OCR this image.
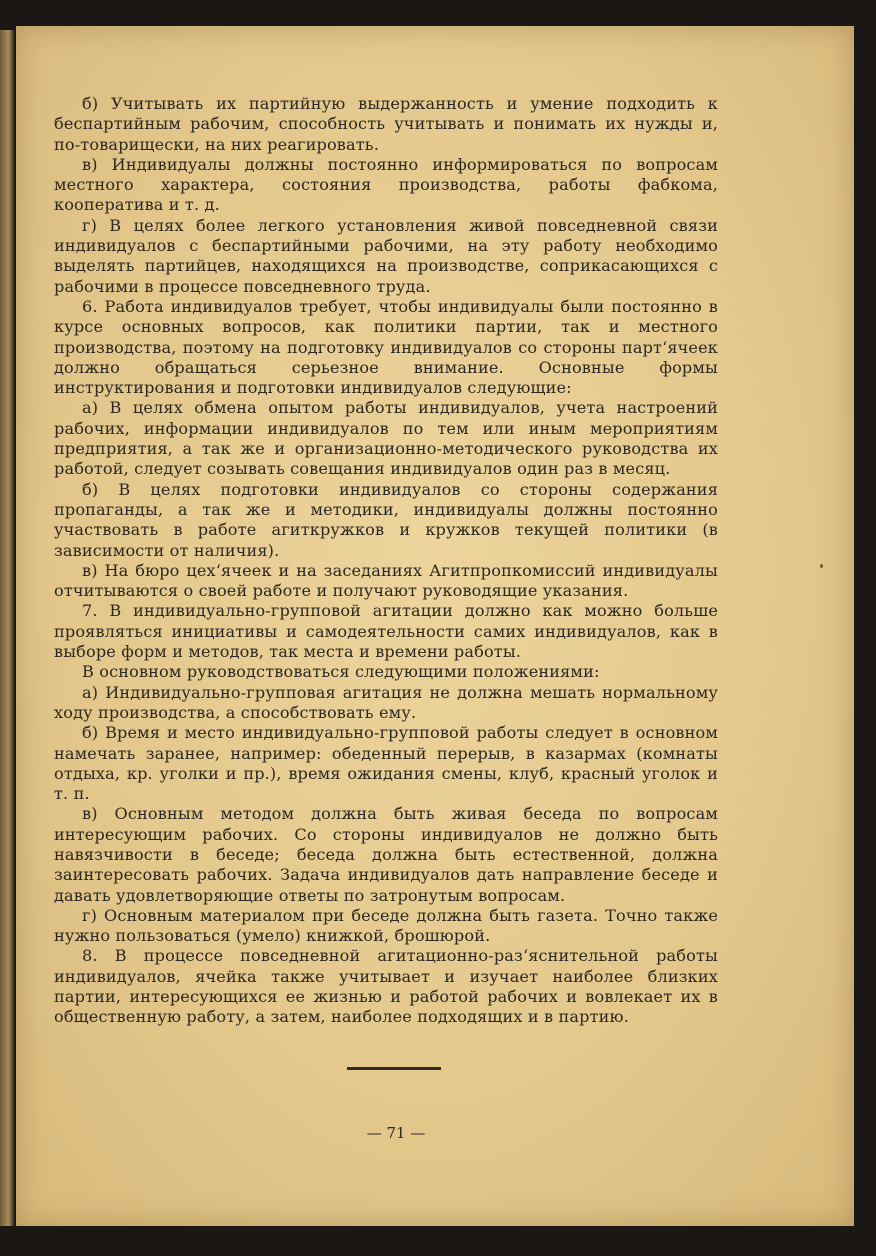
б) Учитывать их партийную выдержанность и умение подходить к беспартийным рабочим, способность учитывать и понимать их нужды и, по-товарищески, на них реагировать.

в) Индивидуалы должны постоянно информироваться по вопросам местного характера, состояния производства, работы фабкома, кооператива и т. д.

г) В целях более легкого установления живой повседневной связи индивидуалов с беспартийными рабочими, на эту работу необходимо выделять партийцев, находящихся на производстве, соприкасающихся с рабочими в процессе повседневного труда.

6. Работа индивидуалов требует, чтобы индивидуалы были постоянно в курсе основных вопросов, как политики партии, так и местного производства, поэтому на подготовку индивидуалов со стороны парт‘ячеек должно обращаться серьезное внимание. Основные формы инструктирования и подготовки индивидуалов следующие:

а) В целях обмена опытом работы индивидуалов, учета настроений рабочих, информации индивидуалов по тем или иным мероприятиям предприятия, а так же и организационно-методического руководства их работой, следует созывать совещания индивидуалов один раз в месяц.

б) В целях подготовки индивидуалов со стороны содержания пропаганды, а так же и методики, индивидуалы должны постоянно участвовать в работе агиткружков и кружков текущей политики (в зависимости от наличия).

в) На бюро цех‘ячеек и на заседаниях Агитпропкомиссий индивидуалы отчитываются о своей работе и получают руководящие указания.

7. В индивидуально-групповой агитации должно как можно больше проявляться инициативы и самодеятельности самих индивидуалов, как в выборе форм и методов, так места и времени работы.

В основном руководствоваться следующими положениями:

а) Индивидуально-групповая агитация не должна мешать нормальному ходу производства, а способствовать ему.

б) Время и место индивидуально-групповой работы следует в основном намечать заранее, например: обеденный перерыв, в казармах (комнаты отдыха, кр. уголки и пр.), время ожидания смены, клуб, красный уголок и т. п.

в) Основным методом должна быть живая беседа по вопросам интересующим рабочих. Со стороны индивидуалов не должно быть навязчивости в беседе; беседа должна быть естественной, должна заинтересовать рабочих. Задача индивидуалов дать направление беседе и давать удовлетворяющие ответы по затронутым вопросам.

г) Основным материалом при беседе должна быть газета. Точно также нужно пользоваться (умело) книжкой, брошюрой.

8. В процессе повседневной агитационно-раз‘яснительной работы индивидуалов, ячейка также учитывает и изучает наиболее близких партии, интересующихся ее жизнью и работой рабочих и вовлекает их в общественную работу, а затем, наиболее подходящих и в партию.

— 71 —
